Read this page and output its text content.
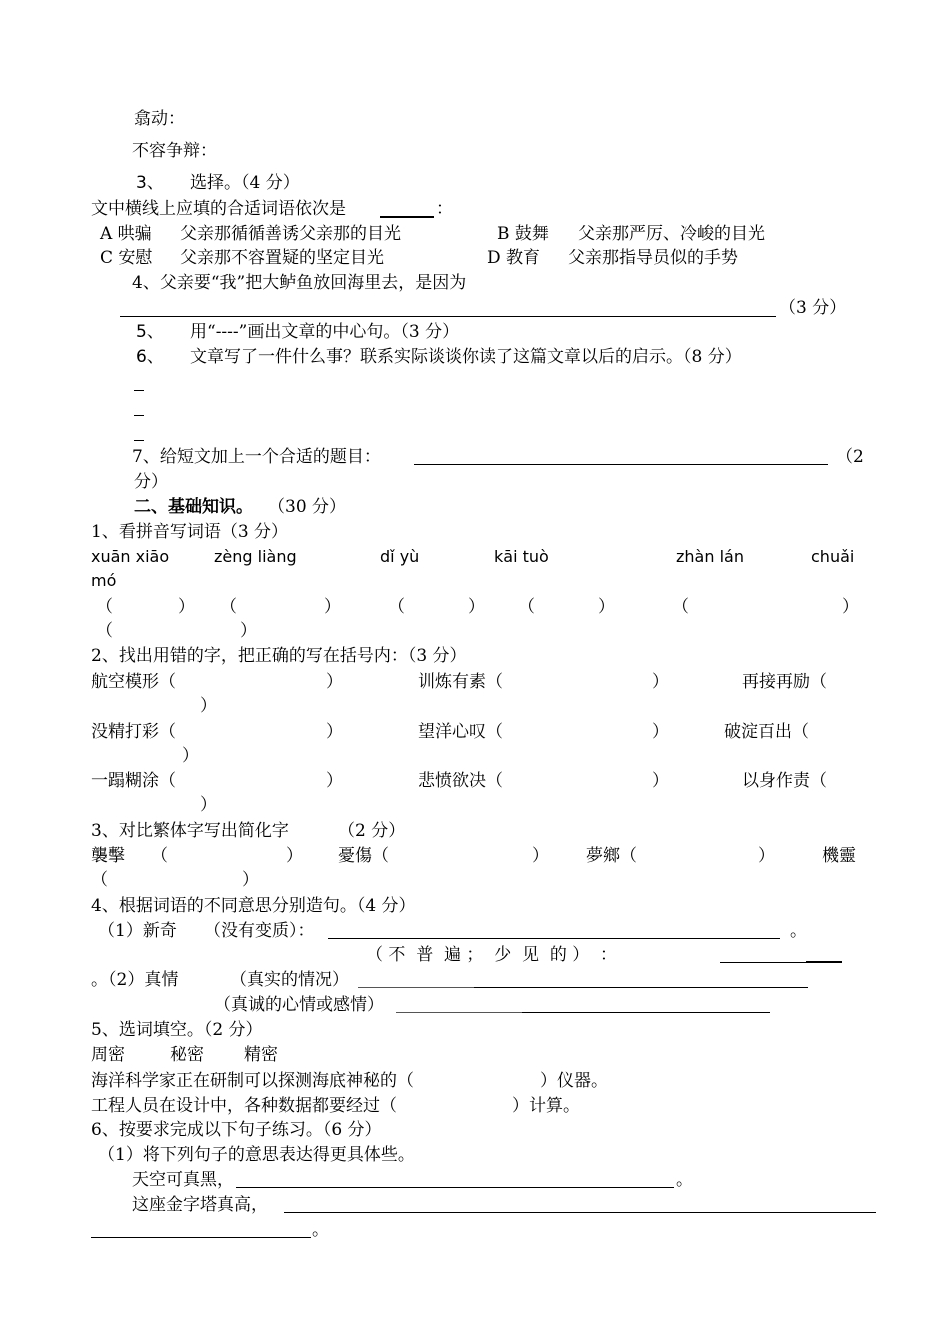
翕动：
不容争辩：
3、 选择。（4 分）
文中横线上应填的合适词语依次是	：
A 哄骗 父亲那循循善诱父亲那的目光	B 鼓舞 父亲那严厉、冷峻的目光
C 安慰 父亲那不容置疑的坚定目光	D 教育 父亲那指导员似的手势
4、父亲要“我”把大鲈鱼放回海里去，是因为
（3 分）
5、 用“----”画出文章的中心句。（3 分）
6、 文章写了一件什么事？联系实际谈谈你读了这篇文章以后的启示。（8 分）
7、给短文加上一个合适的题目：	（2
分）
二、基础知识。 （30 分）
1、看拼音写词语（3 分）
xuān xiāo	zèng liàng	dǐ yù	kāi tuò	zhàn lán	chuǎi
mó
（	） （	）	（	） （	）	（	）
（	）
2、找出用错的字，把正确的写在括号内：（3 分）
航空模形（	）	训炼有素（	）	再接再励（
）
没精打彩（	）	望洋心叹（	）	破淀百出（
）
一蹋糊涂（	）	悲愤欲决（	）	以身作责（
）
3、对比繁体字写出简化字	（2 分）
襲擊 （	） 憂傷 （	） 夢鄉 （	）	機靈
（	）
4、根据词语的不同意思分别造句。（4 分）
（1）新奇 （没有变质）：	。
（ 不  普  遍 ；  少  见  的 ）  ：
。（2）真情	（真实的情况）
（真诚的心情或感情）
5、选词填空。（2 分）
周密	秘密 精密
海洋科学家正在研制可以探测海底神秘的（	）仪器。
工程人员在设计中，各种数据都要经过（	）计算。
6、按要求完成以下句子练习。（6 分）
（1）将下列句子的意思表达得更具体些。
天空可真黑，	。
这座金字塔真高，
。
